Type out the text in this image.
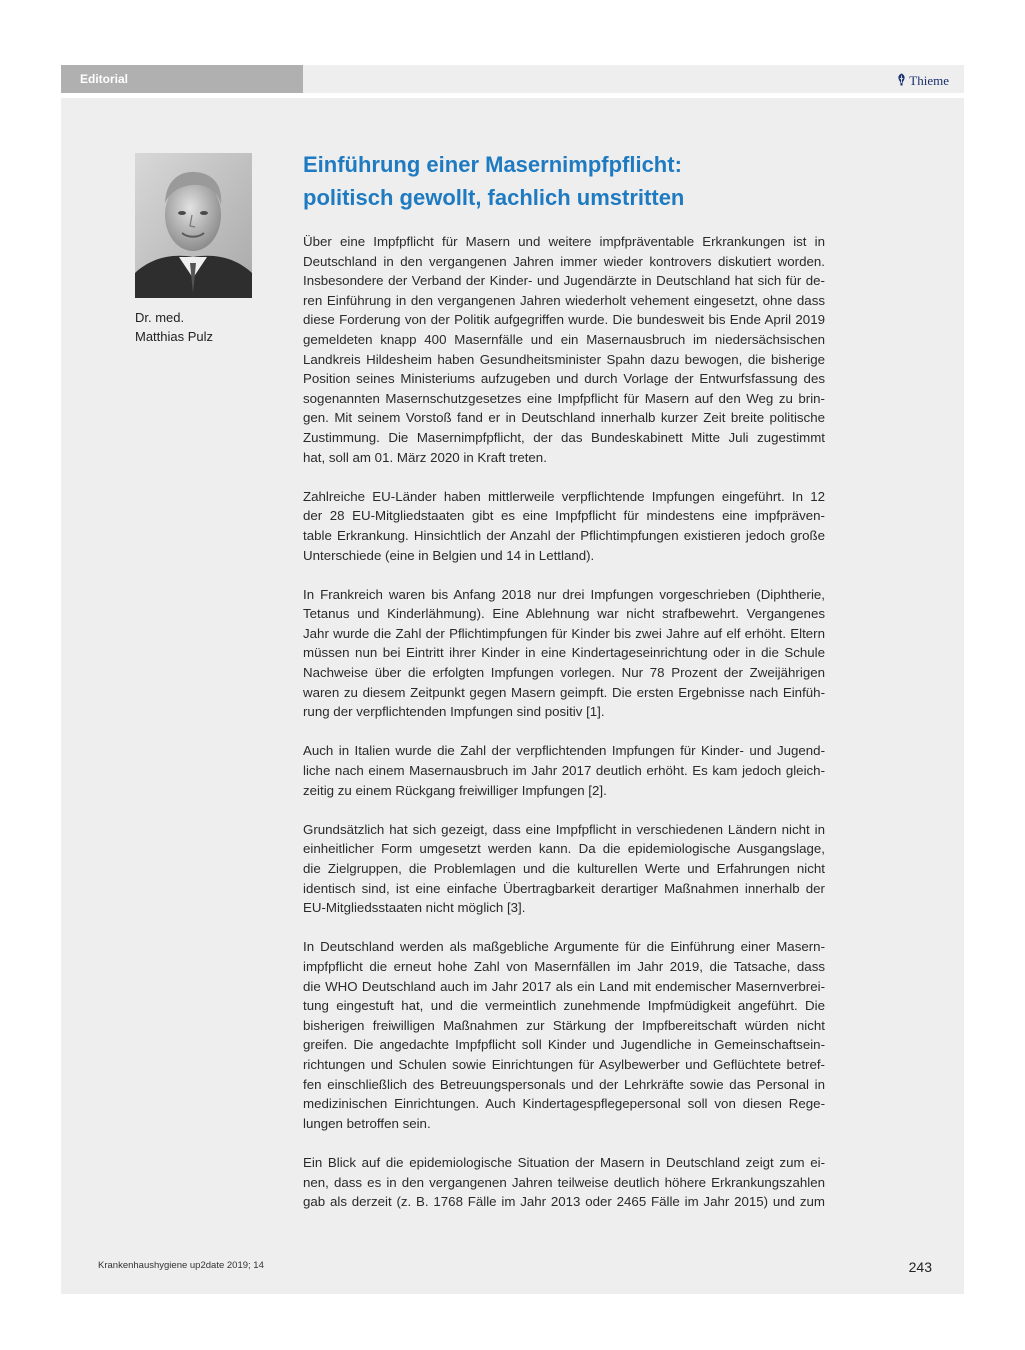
Editorial	Thieme
Dr. med.
Matthias Pulz
Einführung einer Masernimpfpflicht:
politisch gewollt, fachlich umstritten
Über eine Impfpflicht für Masern und weitere impfpräventable Erkrankungen ist in
Deutschland in den vergangenen Jahren immer wieder kontrovers diskutiert worden.
Insbesondere der Verband der Kinder- und Jugendärzte in Deutschland hat sich für de-
ren Einführung in den vergangenen Jahren wiederholt vehement eingesetzt, ohne dass
diese Forderung von der Politik aufgegriffen wurde. Die bundesweit bis Ende April 2019
gemeldeten knapp 400 Masernfälle und ein Masernausbruch im niedersächsischen
Landkreis Hildesheim haben Gesundheitsminister Spahn dazu bewogen, die bisherige
Position seines Ministeriums aufzugeben und durch Vorlage der Entwurfsfassung des
sogenannten Masernschutzgesetzes eine Impfpflicht für Masern auf den Weg zu brin-
gen. Mit seinem Vorstoß fand er in Deutschland innerhalb kurzer Zeit breite politische
Zustimmung. Die Masernimpfpflicht, der das Bundeskabinett Mitte Juli zugestimmt
hat, soll am 01. März 2020 in Kraft treten.
Zahlreiche EU-Länder haben mittlerweile verpflichtende Impfungen eingeführt. In 12
der 28 EU-Mitgliedstaaten gibt es eine Impfpflicht für mindestens eine impfpräven-
table Erkrankung. Hinsichtlich der Anzahl der Pflichtimpfungen existieren jedoch große
Unterschiede (eine in Belgien und 14 in Lettland).
In Frankreich waren bis Anfang 2018 nur drei Impfungen vorgeschrieben (Diphtherie,
Tetanus und Kinderlähmung). Eine Ablehnung war nicht strafbewehrt. Vergangenes
Jahr wurde die Zahl der Pflichtimpfungen für Kinder bis zwei Jahre auf elf erhöht. Eltern
müssen nun bei Eintritt ihrer Kinder in eine Kindertageseinrichtung oder in die Schule
Nachweise über die erfolgten Impfungen vorlegen. Nur 78 Prozent der Zweijährigen
waren zu diesem Zeitpunkt gegen Masern geimpft. Die ersten Ergebnisse nach Einfüh-
rung der verpflichtenden Impfungen sind positiv [1].
Auch in Italien wurde die Zahl der verpflichtenden Impfungen für Kinder- und Jugend-
liche nach einem Masernausbruch im Jahr 2017 deutlich erhöht. Es kam jedoch gleich-
zeitig zu einem Rückgang freiwilliger Impfungen [2].
Grundsätzlich hat sich gezeigt, dass eine Impfpflicht in verschiedenen Ländern nicht in
einheitlicher Form umgesetzt werden kann. Da die epidemiologische Ausgangslage,
die Zielgruppen, die Problemlagen und die kulturellen Werte und Erfahrungen nicht
identisch sind, ist eine einfache Übertragbarkeit derartiger Maßnahmen innerhalb der
EU-Mitgliedsstaaten nicht möglich [3].
In Deutschland werden als maßgebliche Argumente für die Einführung einer Masern-
impfpflicht die erneut hohe Zahl von Masernfällen im Jahr 2019, die Tatsache, dass
die WHO Deutschland auch im Jahr 2017 als ein Land mit endemischer Masernverbrei-
tung eingestuft hat, und die vermeintlich zunehmende Impfmüdigkeit angeführt. Die
bisherigen freiwilligen Maßnahmen zur Stärkung der Impfbereitschaft würden nicht
greifen. Die angedachte Impfpflicht soll Kinder und Jugendliche in Gemeinschaftsein-
richtungen und Schulen sowie Einrichtungen für Asylbewerber und Geflüchtete betref-
fen einschließlich des Betreuungspersonals und der Lehrkräfte sowie das Personal in
medizinischen Einrichtungen. Auch Kindertagespflegepersonal soll von diesen Rege-
lungen betroffen sein.
Ein Blick auf die epidemiologische Situation der Masern in Deutschland zeigt zum ei-
nen, dass es in den vergangenen Jahren teilweise deutlich höhere Erkrankungszahlen
gab als derzeit (z. B. 1768 Fälle im Jahr 2013 oder 2465 Fälle im Jahr 2015) und zum
Krankenhaushygiene up2date 2019; 14	243
